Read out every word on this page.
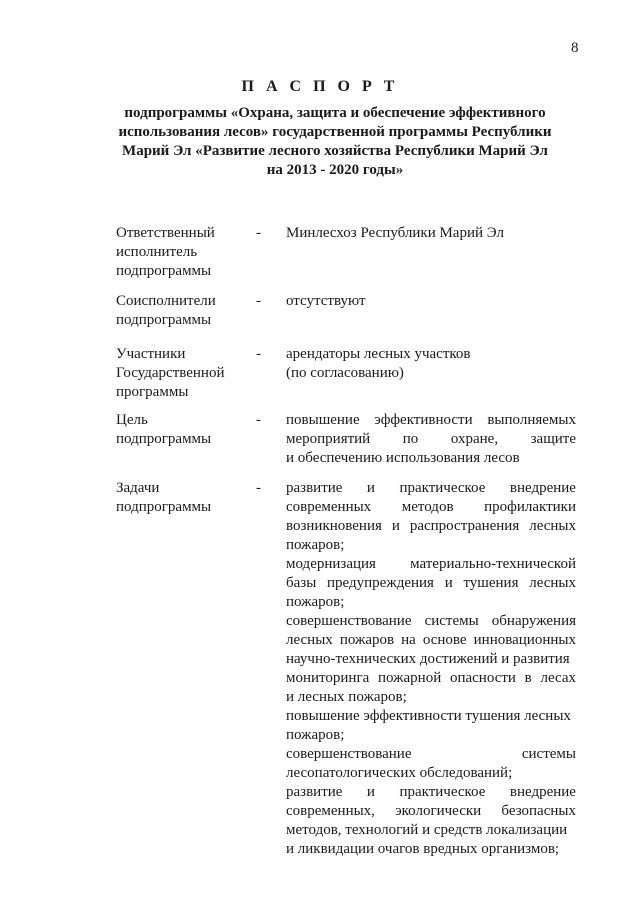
8
П А С П О Р Т
подпрограммы «Охрана, защита и обеспечение эффективного
использования лесов» государственной программы Республики
Марий Эл «Развитие лесного хозяйства Республики Марий Эл
на 2013 - 2020 годы»
Ответственный
исполнитель
подпрограммы
- Минлесхоз Республики Марий Эл
Соисполнители
подпрограммы
- отсутствуют
Участники
Государственной
программы
- арендаторы лесных участков
(по согласованию)
Цель
подпрограммы
- повышение эффективности выполняемых
мероприятий по охране, защите
и обеспечению использования лесов
Задачи
подпрограммы
- развитие и практическое внедрение
современных методов профилактики
возникновения и распространения лесных
пожаров;
модернизация материально-технической
базы предупреждения и тушения лесных
пожаров;
совершенствование системы обнаружения
лесных пожаров на основе инновационных
научно-технических достижений и развития
мониторинга пожарной опасности в лесах
и лесных пожаров;
повышение эффективности тушения лесных
пожаров;
совершенствование	системы
лесопатологических обследований;
развитие и практическое внедрение
современных, экологически безопасных
методов, технологий и средств локализации
и ликвидации очагов вредных организмов;
